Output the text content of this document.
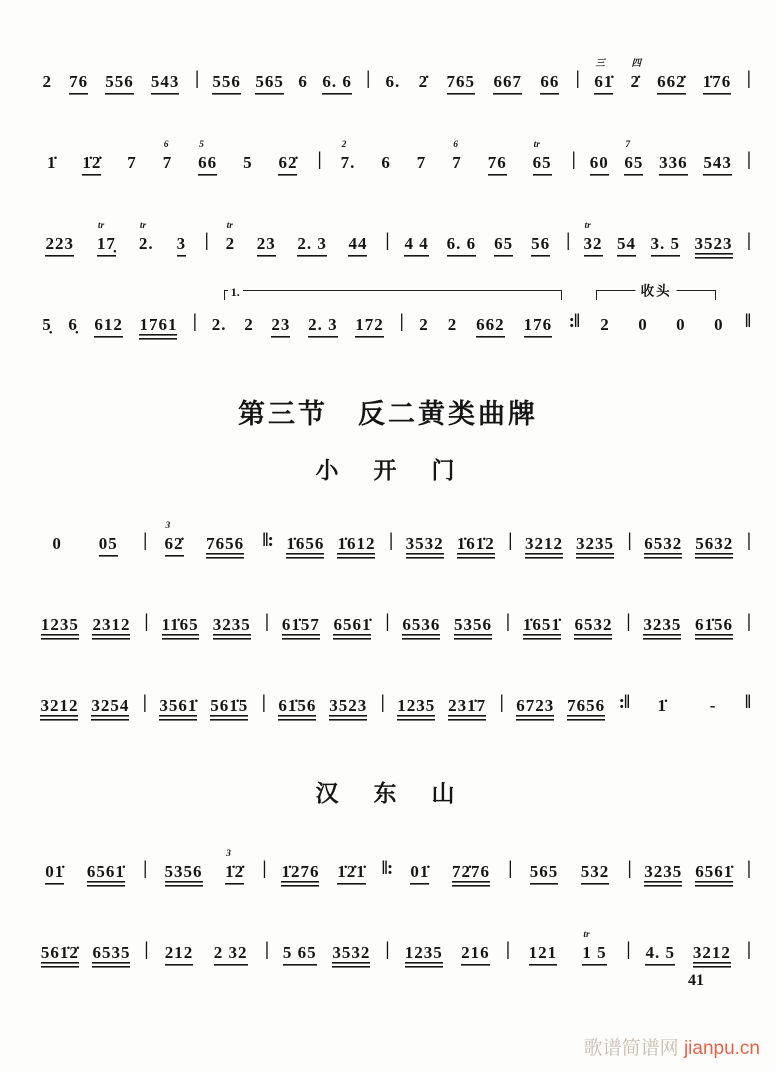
2 76 556 543 | 556 565 6 6. 6 | 6. 2̇ 765 667 66 |
三
61̇
四
2̇ 662̇ 1̇76 |
1̇ 1̇2̇ 7
6
7
5
66 5 62̇ |
2
7. 6 7
6
7 76
tr
65 | 60
7
65 336 543 |
223
tr
17̣
tr
2. 3 |
tr
2 23 2. 3 44 | 4 4 6. 6 65 56 |
tr
32 54 3. 5 3523 |
1.	收头
5̣ 6̣ 612 1761 | 2. 2 23 2. 3 172 | 2 2 662 176 :‖ 2 0 0 0 ‖
第三节　反二黄类曲牌
小　开　门
0 05 |
3
62̇ 7656 ‖: 1̇656 1̇612 | 3532 1̇61̇2 | 3212 3235 | 6532 5632 |
1235 2312 | 11̇65 3235 | 61̇57 6561̇ | 6536 5356 | 1̇651̇ 6532 | 3235 61̇56 |
3212 3254 | 3561̇ 561̇5 | 61̇56 3523 | 1235 231̇7 | 6723 7656 :‖ 1̇	- ‖
汉　东　山
01̇ 6561̇ | 5356
3
1̇2̇ | 1̇276 1̇2̇1̇ ‖: 01̇ 72̇76 | 565 532 | 3235 6561̇ |
561̇2̇ 6535 | 212 2 32 | 5 65 3532 | 1235 216 | 121
tr
1 5 | 4. 5 3212 |
41
歌谱简谱网 jianpu.cn
